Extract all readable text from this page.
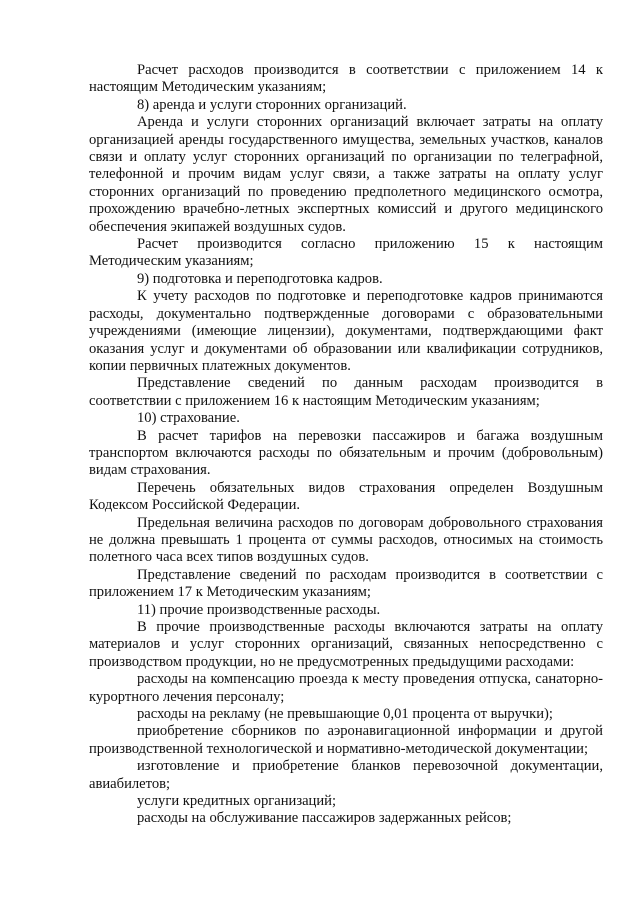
Расчет расходов производится в соответствии с приложением 14 к настоящим Методическим указаниям;

8) аренда и услуги сторонних организаций.

Аренда и услуги сторонних организаций включает затраты на оплату организацией аренды государственного имущества, земельных участков, каналов связи и оплату услуг сторонних организаций по организации по телеграфной, телефонной и прочим видам услуг связи, а также затраты на оплату услуг сторонних организаций по проведению предполетного медицинского осмотра, прохождению врачебно-летных экспертных комиссий и другого медицинского обеспечения экипажей воздушных судов.

Расчет производится согласно приложению 15 к настоящим Методическим указаниям;

9) подготовка и переподготовка кадров.

К учету расходов по подготовке и переподготовке кадров принимаются расходы, документально подтвержденные договорами с образовательными учреждениями (имеющие лицензии), документами, подтверждающими факт оказания услуг и документами об образовании или квалификации сотрудников, копии первичных платежных документов.

Представление сведений по данным расходам производится в соответствии с приложением 16 к настоящим Методическим указаниям;

10) страхование.

В расчет тарифов на перевозки пассажиров и багажа воздушным транспортом включаются расходы по обязательным и прочим (добровольным) видам страхования.

Перечень обязательных видов страхования определен Воздушным Кодексом Российской Федерации.

Предельная величина расходов по договорам добровольного страхования не должна превышать 1 процента от суммы расходов, относимых на стоимость полетного часа всех типов воздушных судов.

Представление сведений по расходам производится в соответствии с приложением 17 к Методическим указаниям;

11) прочие производственные расходы.

В прочие производственные расходы включаются затраты на оплату материалов и услуг сторонних организаций, связанных непосредственно с производством продукции, но не предусмотренных предыдущими расходами:

расходы на компенсацию проезда к месту проведения отпуска, санаторно-курортного лечения персоналу;

расходы на рекламу (не превышающие 0,01 процента от выручки);

приобретение сборников по аэронавигационной информации и другой производственной технологической и нормативно-методической документации;

изготовление и приобретение бланков перевозочной документации, авиабилетов;

услуги кредитных организаций;

расходы на обслуживание пассажиров задержанных рейсов;
